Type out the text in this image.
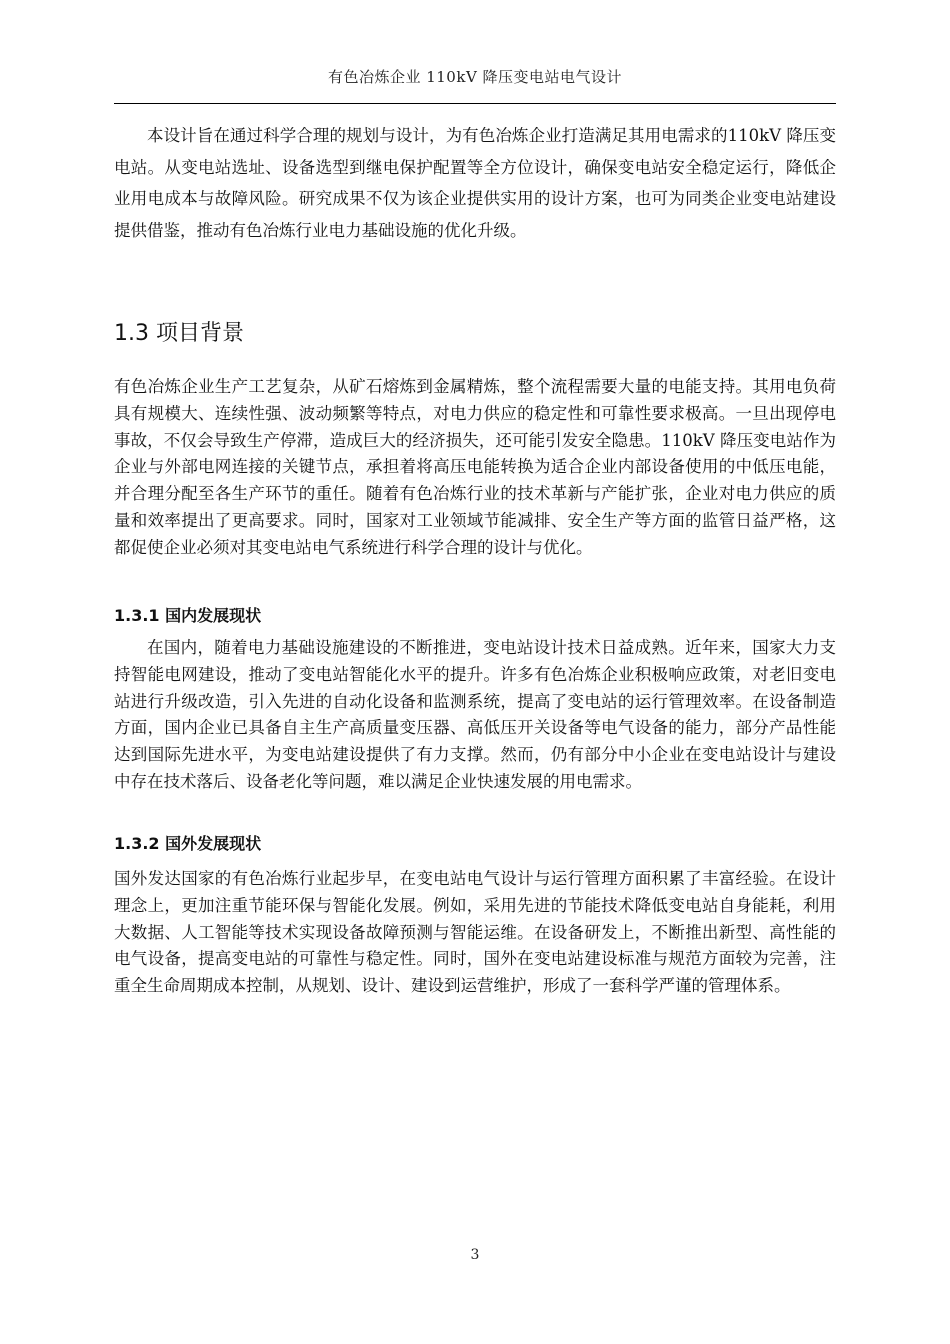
有色冶炼企业 110kV 降压变电站电气设计

本设计旨在通过科学合理的规划与设计，为有色冶炼企业打造满足其用电需求的110kV 降压变电站。从变电站选址、设备选型到继电保护配置等全方位设计，确保变电站安全稳定运行，降低企业用电成本与故障风险。研究成果不仅为该企业提供实用的设计方案，也可为同类企业变电站建设提供借鉴，推动有色冶炼行业电力基础设施的优化升级。

1.3 项目背景

有色冶炼企业生产工艺复杂，从矿石熔炼到金属精炼，整个流程需要大量的电能支持。其用电负荷具有规模大、连续性强、波动频繁等特点，对电力供应的稳定性和可靠性要求极高。一旦出现停电事故，不仅会导致生产停滞，造成巨大的经济损失，还可能引发安全隐患。110kV 降压变电站作为企业与外部电网连接的关键节点，承担着将高压电能转换为适合企业内部设备使用的中低压电能，并合理分配至各生产环节的重任。随着有色冶炼行业的技术革新与产能扩张，企业对电力供应的质量和效率提出了更高要求。同时，国家对工业领域节能减排、安全生产等方面的监管日益严格，这都促使企业必须对其变电站电气系统进行科学合理的设计与优化。

1.3.1 国内发展现状

在国内，随着电力基础设施建设的不断推进，变电站设计技术日益成熟。近年来，国家大力支持智能电网建设，推动了变电站智能化水平的提升。许多有色冶炼企业积极响应政策，对老旧变电站进行升级改造，引入先进的自动化设备和监测系统，提高了变电站的运行管理效率。在设备制造方面，国内企业已具备自主生产高质量变压器、高低压开关设备等电气设备的能力，部分产品性能达到国际先进水平，为变电站建设提供了有力支撑。然而，仍有部分中小企业在变电站设计与建设中存在技术落后、设备老化等问题，难以满足企业快速发展的用电需求。

1.3.2 国外发展现状

国外发达国家的有色冶炼行业起步早，在变电站电气设计与运行管理方面积累了丰富经验。在设计理念上，更加注重节能环保与智能化发展。例如，采用先进的节能技术降低变电站自身能耗，利用大数据、人工智能等技术实现设备故障预测与智能运维。在设备研发上，不断推出新型、高性能的电气设备，提高变电站的可靠性与稳定性。同时，国外在变电站建设标准与规范方面较为完善，注重全生命周期成本控制，从规划、设计、建设到运营维护，形成了一套科学严谨的管理体系。

3
